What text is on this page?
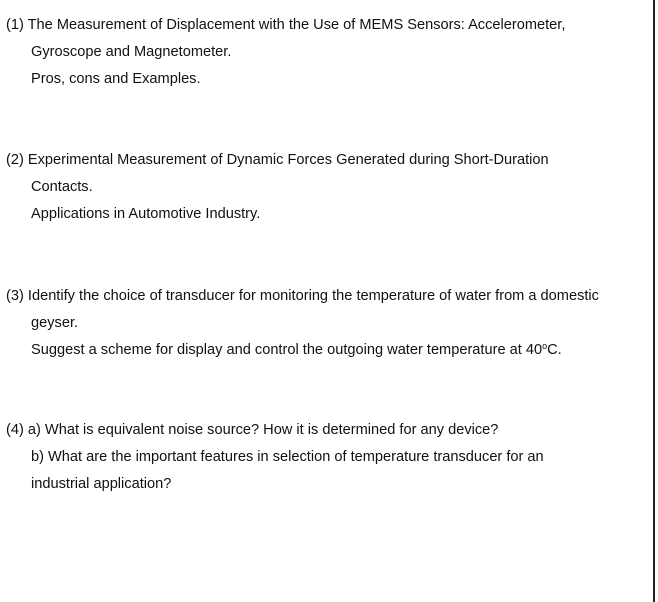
(1) The Measurement of Displacement with the Use of MEMS Sensors: Accelerometer,
Gyroscope and Magnetometer.
Pros, cons and Examples.
(2) Experimental Measurement of Dynamic Forces Generated during Short-Duration
Contacts.
Applications in Automotive Industry.
(3) Identify the choice of transducer for monitoring the temperature of water from a domestic
geyser.
Suggest a scheme for display and control the outgoing water temperature at 40$^o$C.
(4) a) What is equivalent noise source? How it is determined for any device?
b) What are the important features in selection of temperature transducer for an
industrial application?
